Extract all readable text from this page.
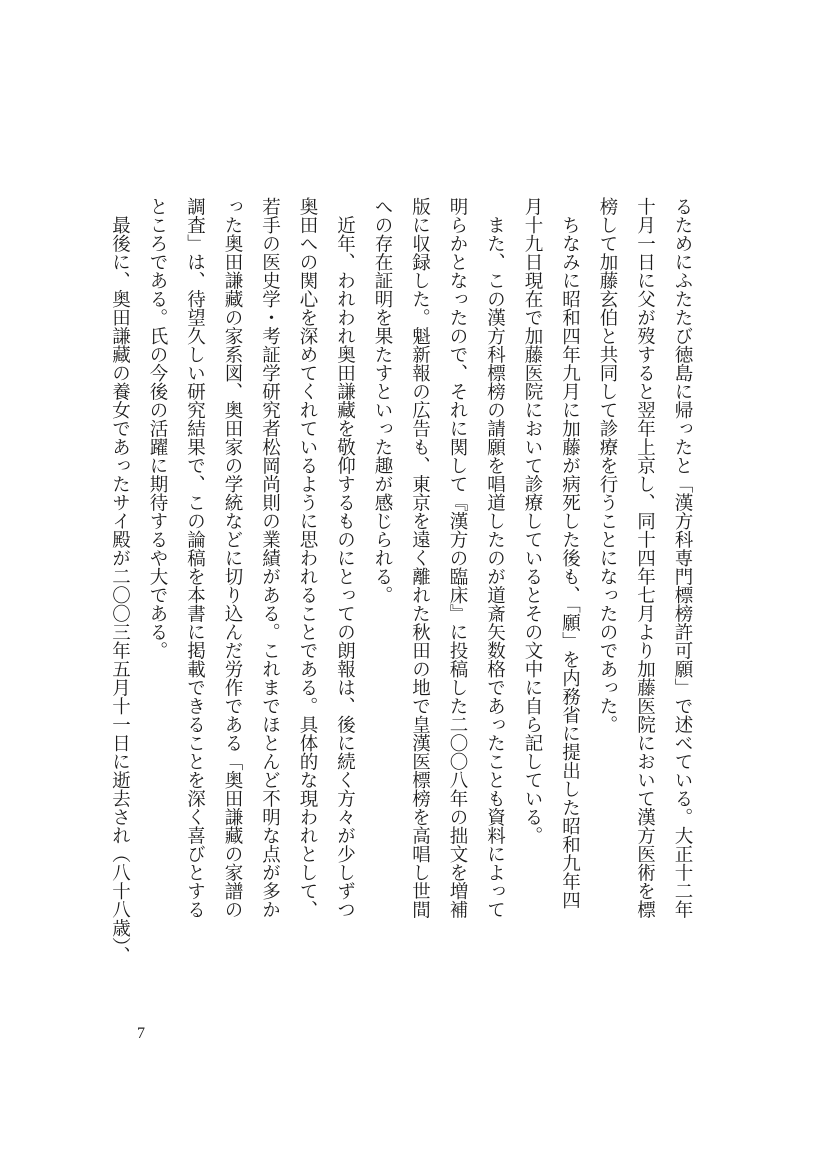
るためにふたたび徳島に帰ったと「漢方科専門標榜許可願」で述べている。大正十二年
十月一日に父が歿すると翌年上京し、同十四年七月より加藤医院において漢方医術を標
榜して加藤玄伯と共同して診療を行うことになったのであった。
　ちなみに昭和四年九月に加藤が病死した後も、「願」を内務省に提出した昭和九年四
月十九日現在で加藤医院において診療しているとその文中に自ら記している。
　また、この漢方科標榜の請願を唱道したのが道斎矢数格であったことも資料によって
明らかとなったので、それに関して『漢方の臨床』に投稿した二〇〇八年の拙文を増補
版に収録した。魁新報の広告も、東京を遠く離れた秋田の地で皇漢医標榜を高唱し世間
への存在証明を果たすといった趣が感じられる。
　近年、われわれ奥田謙藏を敬仰するものにとっての朗報は、後に続く方々が少しずつ
奥田への関心を深めてくれているように思われることである。具体的な現われとして、
若手の医史学・考証学研究者松岡尚則の業績がある。これまでほとんど不明な点が多か
った奥田謙藏の家系図、奥田家の学統などに切り込んだ労作である「奥田謙藏の家譜の
調査」は、待望久しい研究結果で、この論稿を本書に掲載できることを深く喜びとする
ところである。氏の今後の活躍に期待するや大である。
　最後に、奥田謙藏の養女であったサイ殿が二〇〇三年五月十一日に逝去され（八十八歳）、
7
